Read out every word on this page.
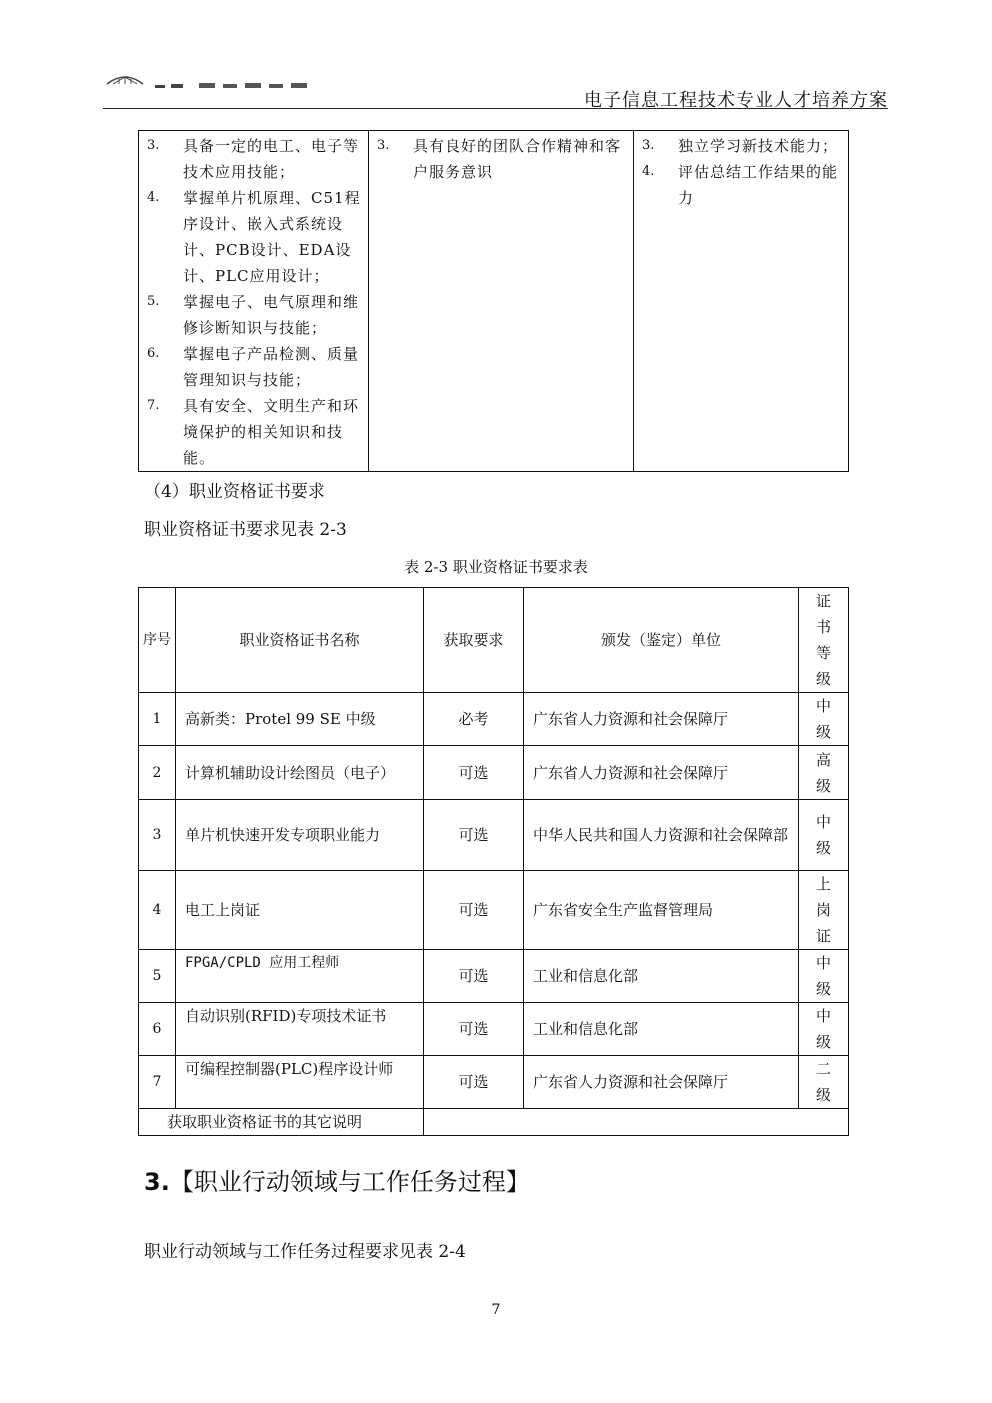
电子信息工程技术专业人才培养方案
3.	具备一定的电工、电子等技术应用技能；
4.	掌握单片机原理、C51程序设计、嵌入式系统设计、PCB设计、EDA设计、PLC应用设计；
5.	掌握电子、电气原理和维修诊断知识与技能；
6.	掌握电子产品检测、质量管理知识与技能；
7.	具有安全、文明生产和环境保护的相关知识和技能。

3.	具有良好的团队合作精神和客户服务意识

3.	独立学习新技术能力；
4.	评估总结工作结果的能力
（4）职业资格证书要求
职业资格证书要求见表 2-3
表 2-3 职业资格证书要求表
序号	职业资格证书名称	获取要求	颁发（鉴定）单位	证书等级
1	高新类：Protel 99 SE 中级	必考	广东省人力资源和社会保障厅	中级
2	计算机辅助设计绘图员（电子）	可选	广东省人力资源和社会保障厅	高级
3	单片机快速开发专项职业能力	可选	中华人民共和国人力资源和社会保障部	中级
4	电工上岗证	可选	广东省安全生产监督管理局	上岗证
5	FPGA/CPLD 应用工程师	可选	工业和信息化部	中级
6	自动识别(RFID)专项技术证书	可选	工业和信息化部	中级
7	可编程控制器(PLC)程序设计师	可选	广东省人力资源和社会保障厅	二级
获取职业资格证书的其它说明				
3.【职业行动领域与工作任务过程】
职业行动领域与工作任务过程要求见表 2-4
7
